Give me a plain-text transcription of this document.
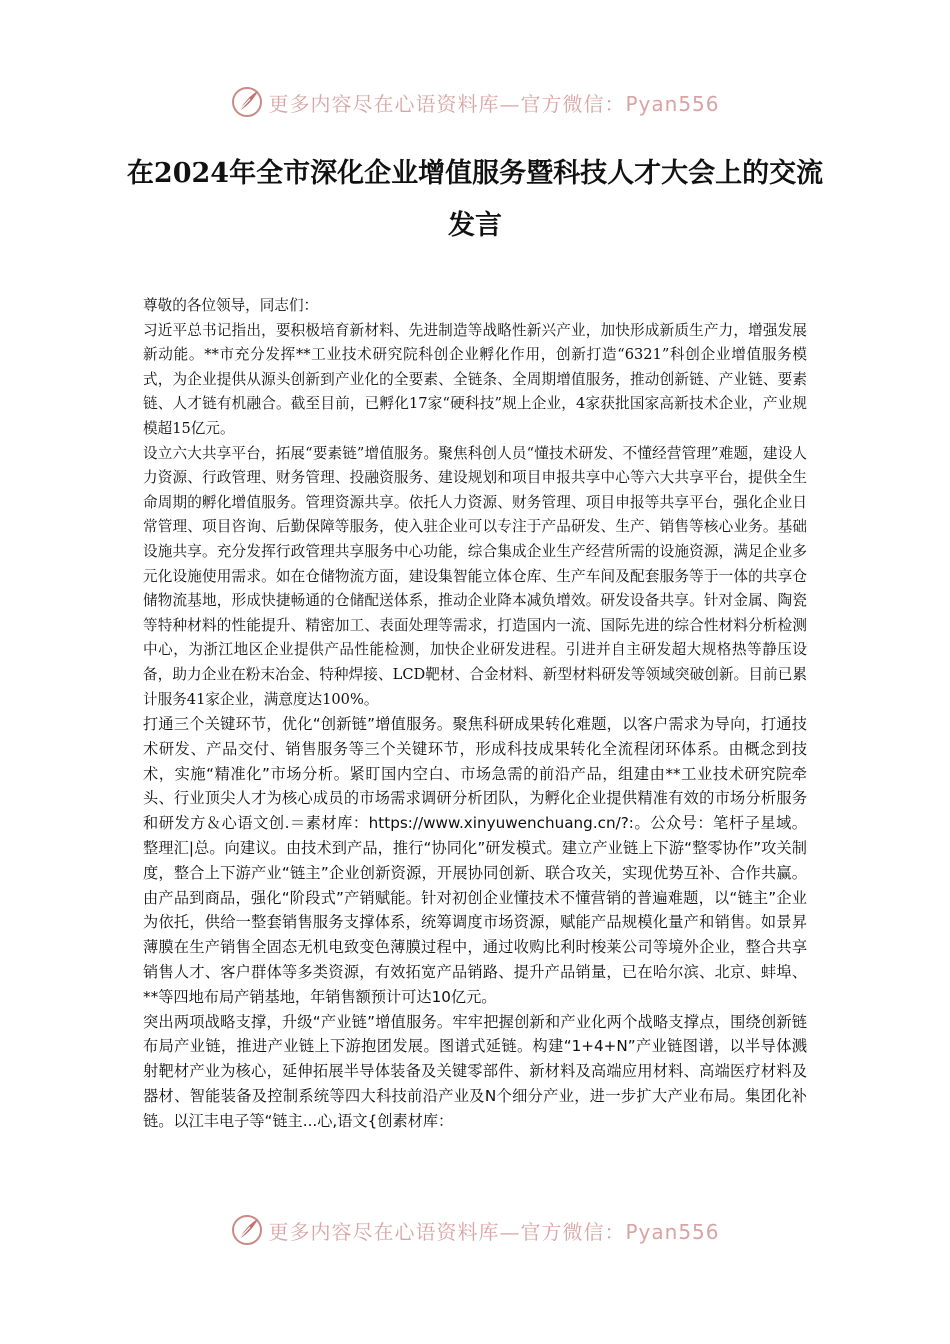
更多内容尽在心语资料库—官方微信：Pyan556
在2024年全市深化企业增值服务暨科技人才大会上的交流发言

尊敬的各位领导，同志们：

习近平总书记指出，要积极培育新材料、先进制造等战略性新兴产业，加快形成新质生产力，增强发展新动能。**市充分发挥**工业技术研究院科创企业孵化作用，创新打造“6321”科创企业增值服务模式，为企业提供从源头创新到产业化的全要素、全链条、全周期增值服务，推动创新链、产业链、要素链、人才链有机融合。截至目前，已孵化17家“硬科技”规上企业，4家获批国家高新技术企业，产业规模超15亿元。

设立六大共享平台，拓展“要素链”增值服务。聚焦科创人员“懂技术研发、不懂经营管理”难题，建设人力资源、行政管理、财务管理、投融资服务、建设规划和项目申报共享中心等六大共享平台，提供全生命周期的孵化增值服务。管理资源共享。依托人力资源、财务管理、项目申报等共享平台，强化企业日常管理、项目咨询、后勤保障等服务，使入驻企业可以专注于产品研发、生产、销售等核心业务。基础设施共享。充分发挥行政管理共享服务中心功能，综合集成企业生产经营所需的设施资源，满足企业多元化设施使用需求。如在仓储物流方面，建设集智能立体仓库、生产车间及配套服务等于一体的共享仓储物流基地，形成快捷畅通的仓储配送体系，推动企业降本减负增效。研发设备共享。针对金属、陶瓷等特种材料的性能提升、精密加工、表面处理等需求，打造国内一流、国际先进的综合性材料分析检测中心，为浙江地区企业提供产品性能检测，加快企业研发进程。引进并自主研发超大规格热等静压设备，助力企业在粉末冶金、特种焊接、LCD靶材、合金材料、新型材料研发等领域突破创新。目前已累计服务41家企业，满意度达100%。

打通三个关键环节，优化“创新链”增值服务。聚焦科研成果转化难题，以客户需求为导向，打通技术研发、产品交付、销售服务等三个关键环节，形成科技成果转化全流程闭环体系。由概念到技术，实施“精准化”市场分析。紧盯国内空白、市场急需的前沿产品，组建由**工业技术研究院牵头、行业顶尖人才为核心成员的市场需求调研分析团队，为孵化企业提供精准有效的市场分析服务和研发方＆心语文创.＝素材库：https://www.xinyuwenchuang.cn/?:。公众号：笔杆子星域。整理汇|总。向建议。由技术到产品，推行“协同化”研发模式。建立产业链上下游“整零协作”攻关制度，整合上下游产业“链主”企业创新资源，开展协同创新、联合攻关，实现优势互补、合作共赢。由产品到商品，强化“阶段式”产销赋能。针对初创企业懂技术不懂营销的普遍难题，以“链主”企业为依托，供给一整套销售服务支撑体系，统筹调度市场资源，赋能产品规模化量产和销售。如景昇薄膜在生产销售全固态无机电致变色薄膜过程中，通过收购比利时梭莱公司等境外企业，整合共享销售人才、客户群体等多类资源，有效拓宽产品销路、提升产品销量，已在哈尔滨、北京、蚌埠、**等四地布局产销基地，年销售额预计可达10亿元。

突出两项战略支撑，升级“产业链”增值服务。牢牢把握创新和产业化两个战略支撑点，围绕创新链布局产业链，推进产业链上下游抱团发展。图谱式延链。构建“1+4+N”产业链图谱，以半导体溅射靶材产业为核心，延伸拓展半导体装备及关键零部件、新材料及高端应用材料、高端医疗材料及器材、智能装备及控制系统等四大科技前沿产业及N个细分产业，进一步扩大产业布局。集团化补链。以江丰电子等“链主...心,语文{创素材库：

更多内容尽在心语资料库—官方微信：Pyan556
